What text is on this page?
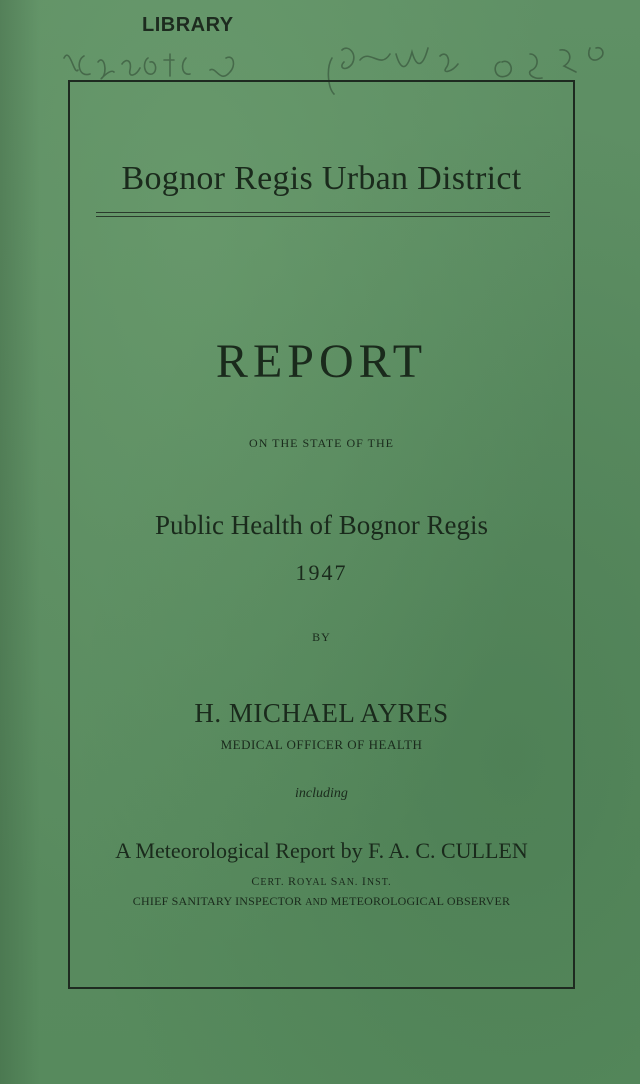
LIBRARY
Bognor Regis Urban District
REPORT
ON THE STATE OF THE
Public Health of Bognor Regis
1947
BY
H. MICHAEL AYRES
MEDICAL OFFICER OF HEALTH
including
A Meteorological Report by F. A. C. CULLEN
CERT. ROYAL SAN. INST.
CHIEF SANITARY INSPECTOR AND METEOROLOGICAL OBSERVER
